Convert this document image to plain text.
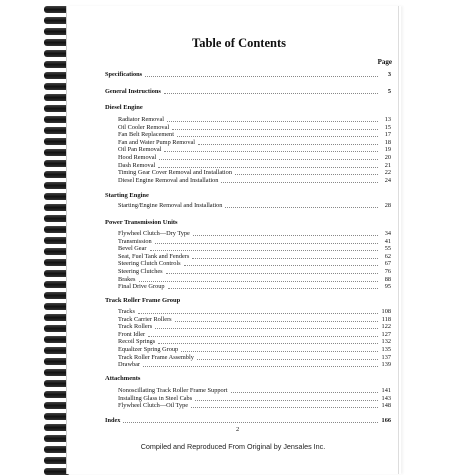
Table of Contents
Page
Specifications	3
General Instructions	5
Diesel Engine
Radiator Removal	13
Oil Cooler Removal	15
Fan Belt Replacement	17
Fan and Water Pump Removal	18
Oil Pan Removal	19
Hood Removal	20
Dash Removal	21
Timing Gear Cover Removal and Installation	22
Diesel Engine Removal and Installation	24
Starting Engine
Starting/Engine Removal and Installation	28
Power Transmission Units
Flywheel Clutch—Dry Type	34
Transmission	41
Bevel Gear	55
Seat, Fuel Tank and Fenders	62
Steering Clutch Controls	67
Steering Clutches	76
Brakes	88
Final Drive Group	95
Track Roller Frame Group
Tracks	108
Track Carrier Rollers	118
Track Rollers	122
Front Idler	127
Recoil Springs	132
Equalizer Spring Group	135
Track Roller Frame Assembly	137
Drawbar	139
Attachments
Nonoscillating Track Roller Frame Support	141
Installing Glass in Steel Cabs	143
Flywheel Clutch—Oil Type	148
Index	166
2
Compiled and Reproduced From Original by Jensales Inc.
